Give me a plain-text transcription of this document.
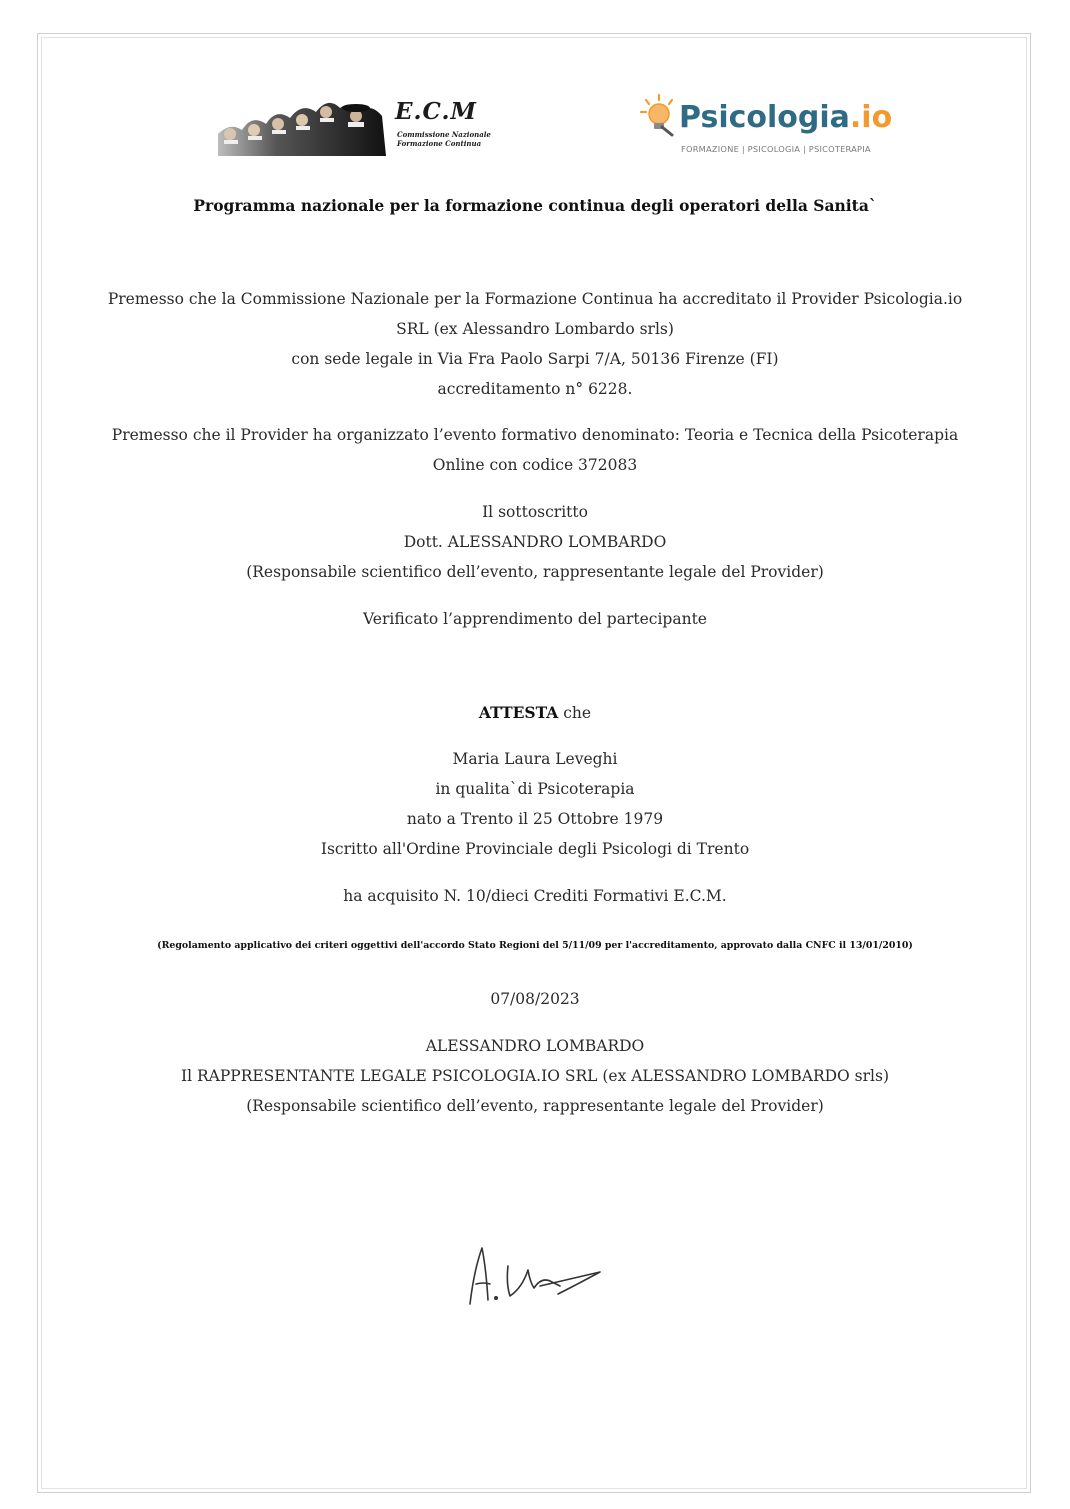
E.C.M
Commissione Nazionale
Formazione Continua
Psicologia.io
FORMAZIONE | PSICOLOGIA | PSICOTERAPIA
Programma nazionale per la formazione continua degli operatori della Sanita`

Premesso che la Commissione Nazionale per la Formazione Continua ha accreditato il Provider Psicologia.io

SRL (ex Alessandro Lombardo srls)

con sede legale in Via Fra Paolo Sarpi 7/A, 50136 Firenze (FI)

accreditamento n° 6228.

Premesso che il Provider ha organizzato l’evento formativo denominato: Teoria e Tecnica della Psicoterapia

Online con codice 372083

Il sottoscritto

Dott. ALESSANDRO LOMBARDO

(Responsabile scientifico dell’evento, rappresentante legale del Provider)

Verificato l’apprendimento del partecipante

ATTESTA che

Maria Laura Leveghi

in qualita`di Psicoterapia

nato a Trento il 25 Ottobre 1979

Iscritto all'Ordine Provinciale degli Psicologi di Trento

ha acquisito N. 10/dieci Crediti Formativi E.C.M.

(Regolamento applicativo dei criteri oggettivi dell'accordo Stato Regioni del 5/11/09 per l'accreditamento, approvato dalla CNFC il 13/01/2010)

07/08/2023

ALESSANDRO LOMBARDO

Il RAPPRESENTANTE LEGALE PSICOLOGIA.IO SRL (ex ALESSANDRO LOMBARDO srls)

(Responsabile scientifico dell’evento, rappresentante legale del Provider)
